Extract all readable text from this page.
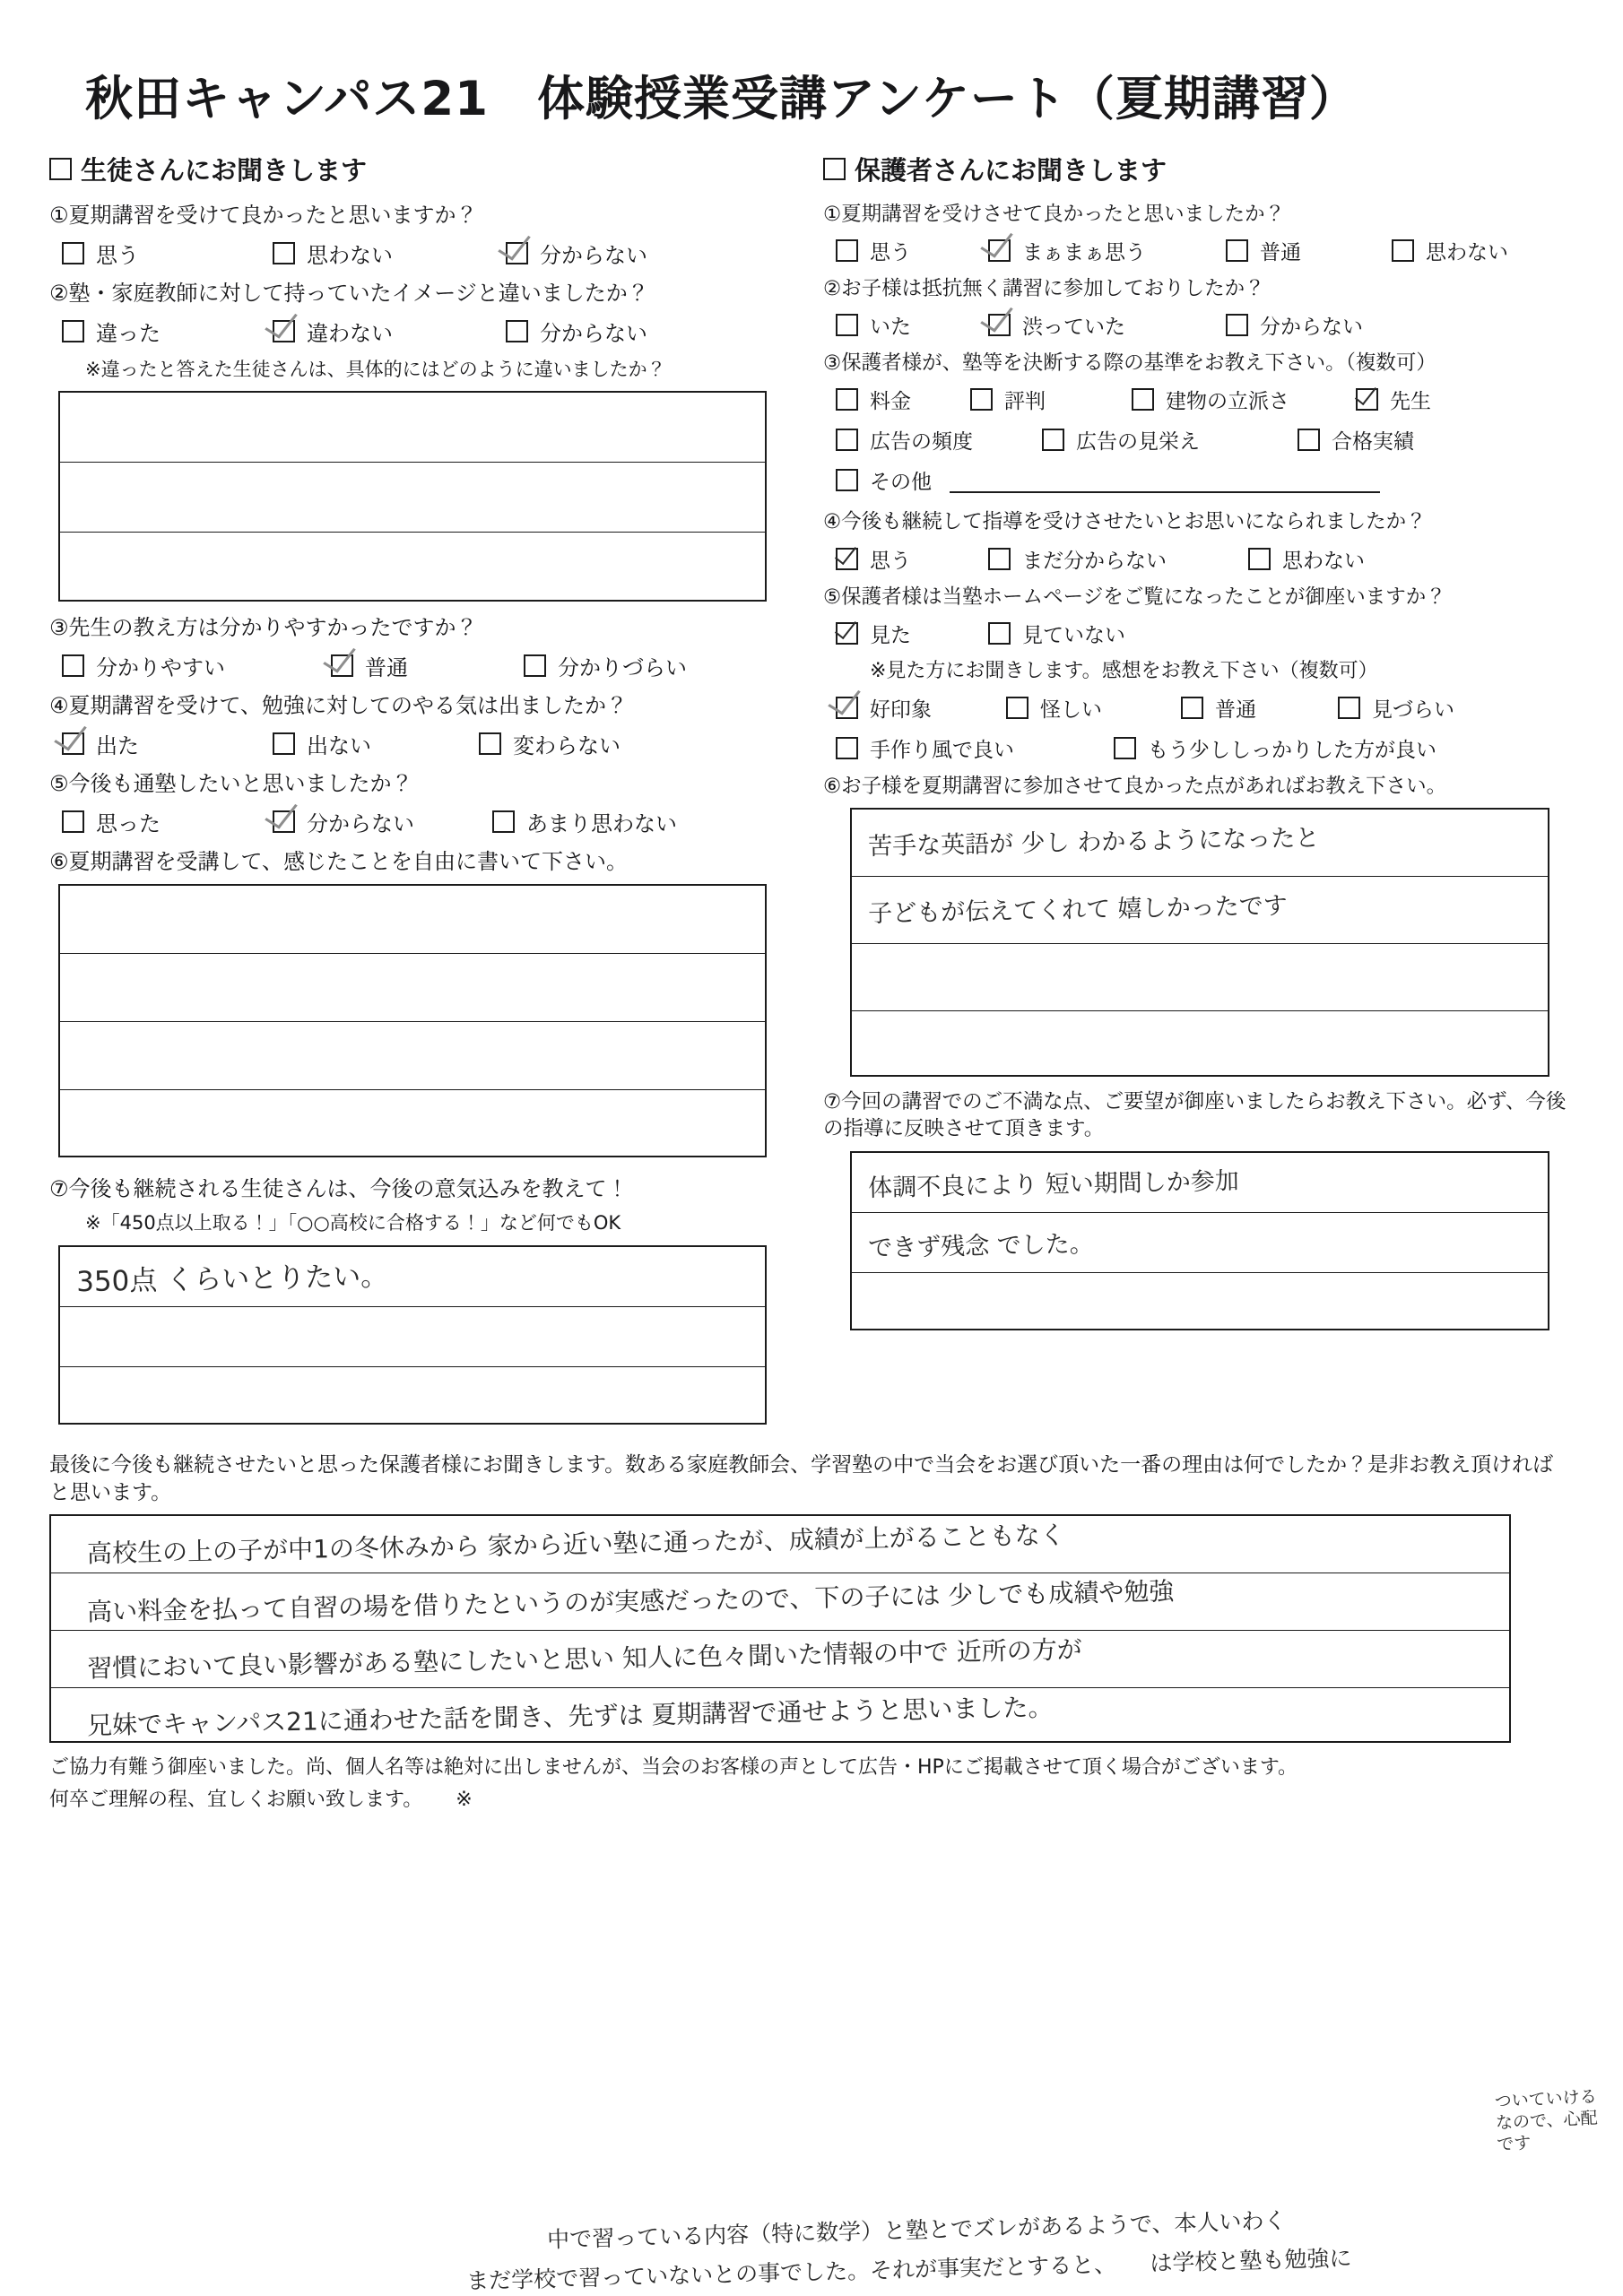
秋田キャンパス21　体験授業受講アンケート（夏期講習）
生徒さんにお聞きします
①夏期講習を受けて良かったと思いますか？
思う	思わない	分からない
②塾・家庭教師に対して持っていたイメージと違いましたか？
違った	違わない	分からない
※違ったと答えた生徒さんは、具体的にはどのように違いましたか？
③先生の教え方は分かりやすかったですか？
分かりやすい	普通	分かりづらい
④夏期講習を受けて、勉強に対してのやる気は出ましたか？
出た	出ない	変わらない
⑤今後も通塾したいと思いましたか？
思った	分からない	あまり思わない
⑥夏期講習を受講して、感じたことを自由に書いて下さい。
⑦今後も継続される生徒さんは、今後の意気込みを教えて！
※「450点以上取る！」「○○高校に合格する！」など何でもOK
350点 くらいとりたい。
保護者さんにお聞きします
①夏期講習を受けさせて良かったと思いましたか？
思う	まぁまぁ思う	普通	思わない
②お子様は抵抗無く講習に参加しておりしたか？
いた	渋っていた	分からない
③保護者様が、塾等を決断する際の基準をお教え下さい。（複数可）
料金	評判	建物の立派さ	先生
広告の頻度	広告の見栄え	合格実績
その他
④今後も継続して指導を受けさせたいとお思いになられましたか？
思う	まだ分からない	思わない
⑤保護者様は当塾ホームページをご覧になったことが御座いますか？
見た	見ていない
※見た方にお聞きします。感想をお教え下さい（複数可）
好印象	怪しい	普通	見づらい
手作り風で良い	もう少ししっかりした方が良い
⑥お子様を夏期講習に参加させて良かった点があればお教え下さい。
苦手な英語が 少し わかるようになったと
子どもが伝えてくれて 嬉しかったです
⑦今回の講習でのご不満な点、ご要望が御座いましたらお教え下さい。必ず、今後の指導に反映させて頂きます。
体調不良により 短い期間しか参加
できず残念 でした。
最後に今後も継続させたいと思った保護者様にお聞きします。数ある家庭教師会、学習塾の中で当会をお選び頂いた一番の理由は何でしたか？是非お教え頂ければと思います。
高校生の上の子が中1の冬休みから 家から近い塾に通ったが、成績が上がることもなく
高い料金を払って自習の場を借りたというのが実感だったので、下の子には 少しでも成績や勉強
習慣において良い影響がある塾にしたいと思い 知人に色々聞いた情報の中で 近所の方が
兄妹でキャンパス21に通わせた話を聞き、先ずは 夏期講習で通せようと思いました。
ついていけるなので、心配です
ご協力有難う御座いました。尚、個人名等は絶対に出しませんが、当会のお客様の声として広告・HPにご掲載させて頂く場合がございます。
何卒ご理解の程、宜しくお願い致します。 ※
中で習っている内容（特に数学）と塾とでズレがあるようで、本人いわく
まだ学校で習っていないとの事でした。それが事実だとすると、　　は学校と塾も勉強に
